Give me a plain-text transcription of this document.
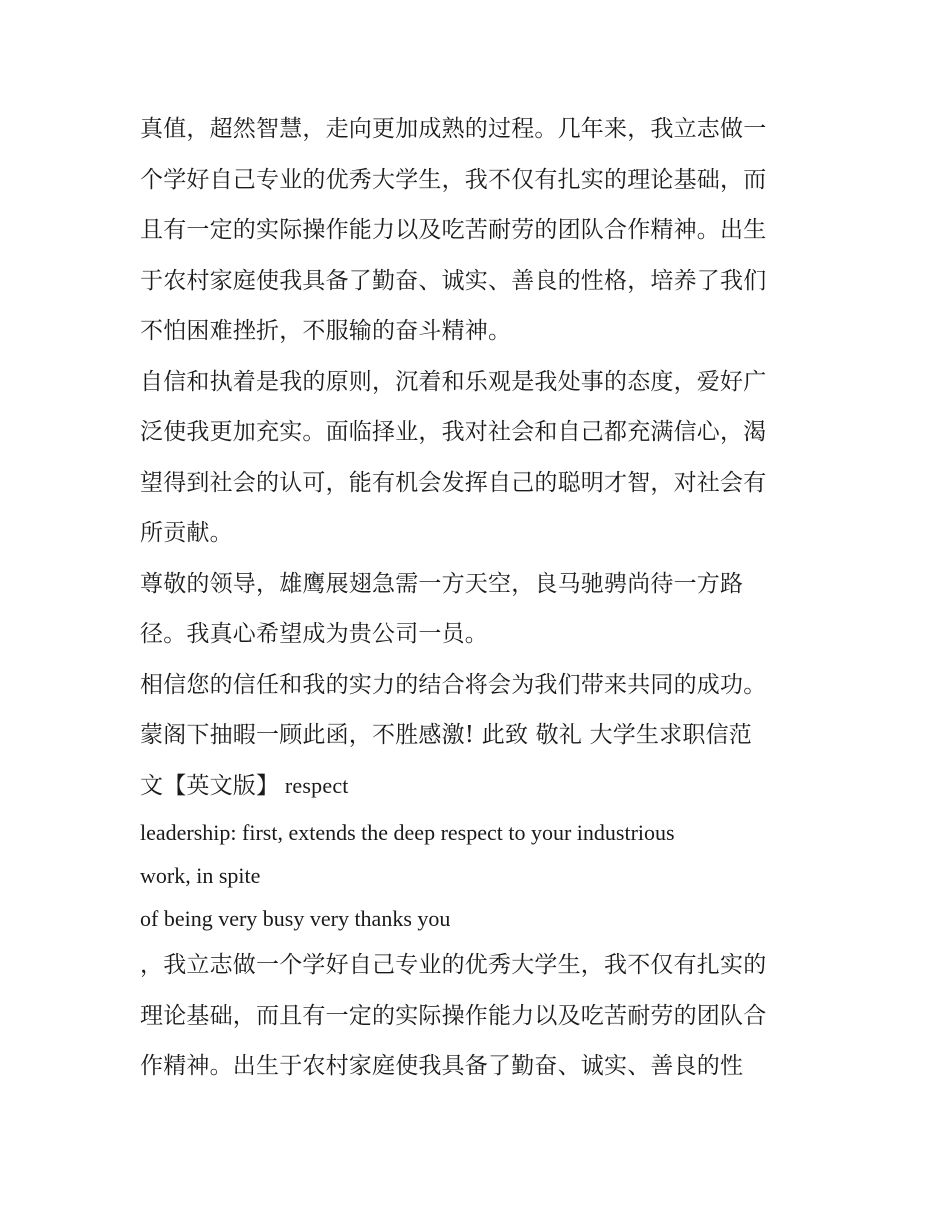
真值，超然智慧，走向更加成熟的过程。几年来，我立志做一
个学好自己专业的优秀大学生，我不仅有扎实的理论基础，而
且有一定的实际操作能力以及吃苦耐劳的团队合作精神。出生
于农村家庭使我具备了勤奋、诚实、善良的性格，培养了我们
不怕困难挫折，不服输的奋斗精神。
自信和执着是我的原则，沉着和乐观是我处事的态度，爱好广
泛使我更加充实。面临择业，我对社会和自己都充满信心，渴
望得到社会的认可，能有机会发挥自己的聪明才智，对社会有
所贡献。
尊敬的领导，雄鹰展翅急需一方天空，良马驰骋尚待一方路
径。我真心希望成为贵公司一员。
相信您的信任和我的实力的结合将会为我们带来共同的成功。
蒙阁下抽暇一顾此函，不胜感激! 此致 敬礼 大学生求职信范
文【英文版】 respect
leadership: first, extends the deep respect to your industrious
work, in spite
of being very busy very thanks you
，我立志做一个学好自己专业的优秀大学生，我不仅有扎实的
理论基础，而且有一定的实际操作能力以及吃苦耐劳的团队合
作精神。出生于农村家庭使我具备了勤奋、诚实、善良的性
